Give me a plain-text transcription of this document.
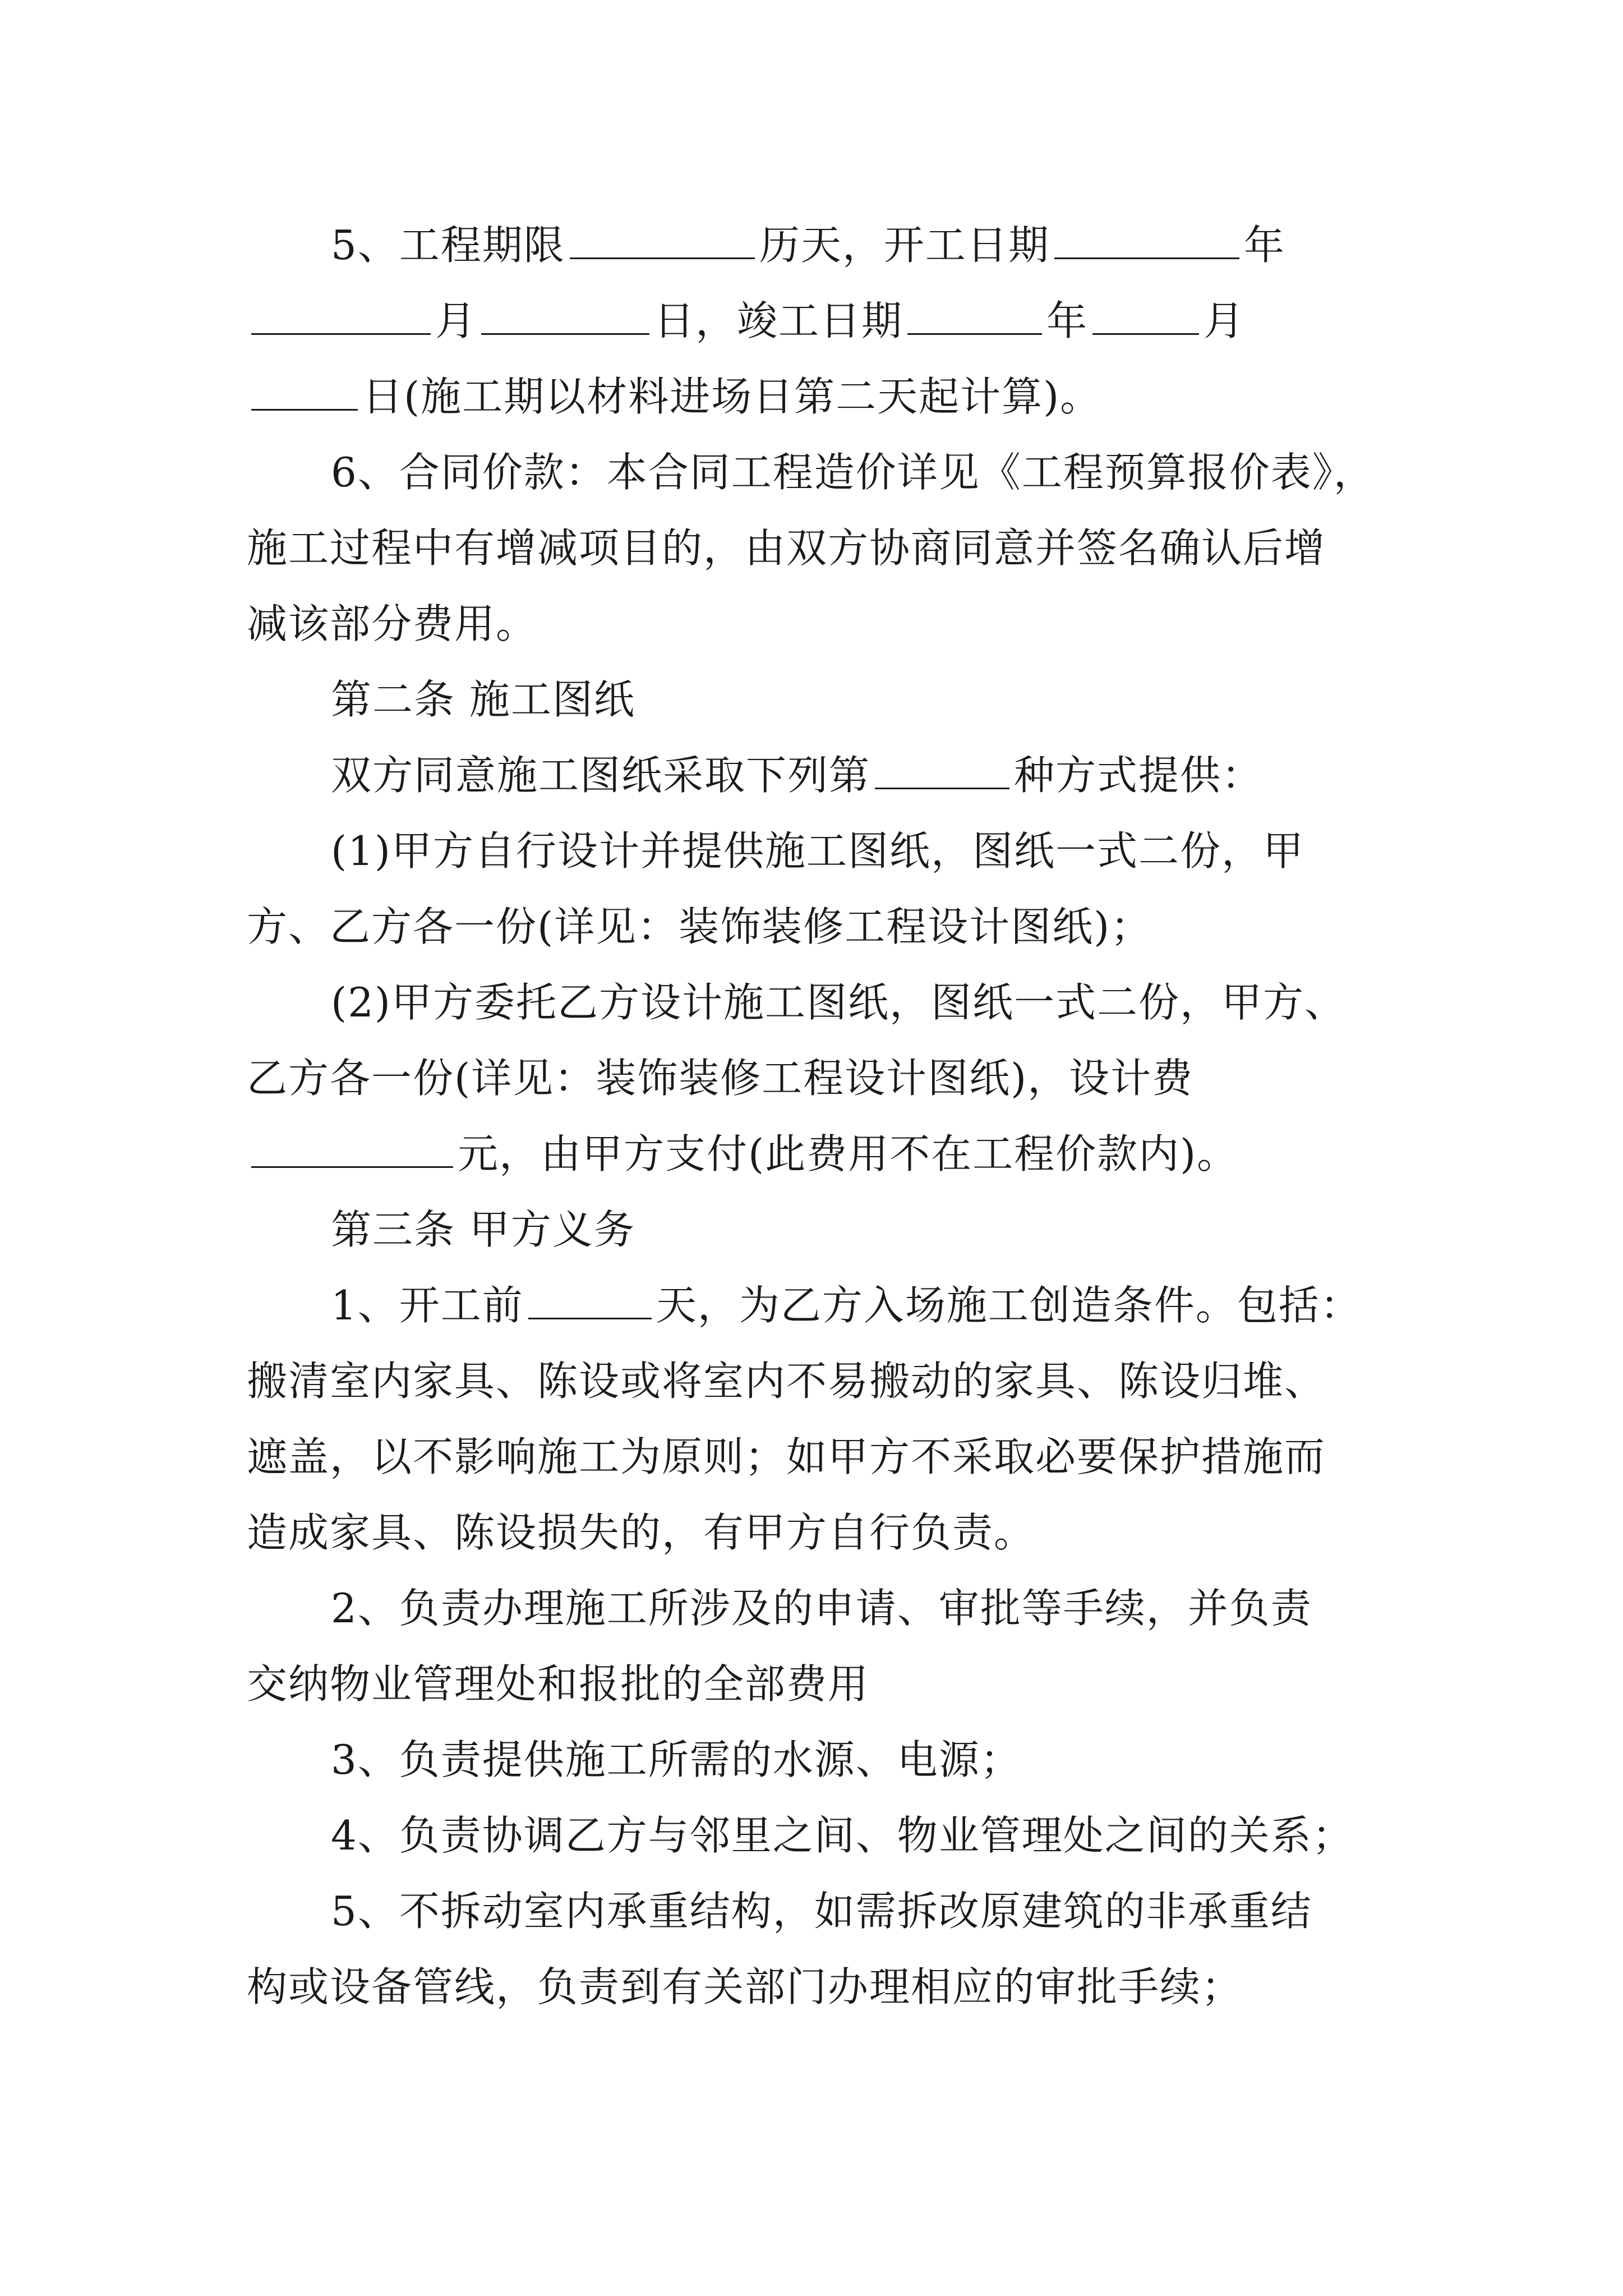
5、工程期限	历天，开工日期	年
月	日，竣工日期	年	月
日(施工期以材料进场日第二天起计算)。
6、合同价款：本合同工程造价详见《工程预算报价表》，
施工过程中有增减项目的，由双方协商同意并签名确认后增
减该部分费用。
第二条 施工图纸
双方同意施工图纸采取下列第	种方式提供：
(1)甲方自行设计并提供施工图纸，图纸一式二份，甲
方、乙方各一份(详见：装饰装修工程设计图纸)；
(2)甲方委托乙方设计施工图纸，图纸一式二份，甲方、
乙方各一份(详见：装饰装修工程设计图纸)，设计费
元，由甲方支付(此费用不在工程价款内)。
第三条 甲方义务
1、开工前	天，为乙方入场施工创造条件。包括：
搬清室内家具、陈设或将室内不易搬动的家具、陈设归堆、
遮盖，以不影响施工为原则；如甲方不采取必要保护措施而
造成家具、陈设损失的，有甲方自行负责。
2、负责办理施工所涉及的申请、审批等手续，并负责
交纳物业管理处和报批的全部费用
3、负责提供施工所需的水源、电源；
4、负责协调乙方与邻里之间、物业管理处之间的关系；
5、不拆动室内承重结构，如需拆改原建筑的非承重结
构或设备管线，负责到有关部门办理相应的审批手续；
